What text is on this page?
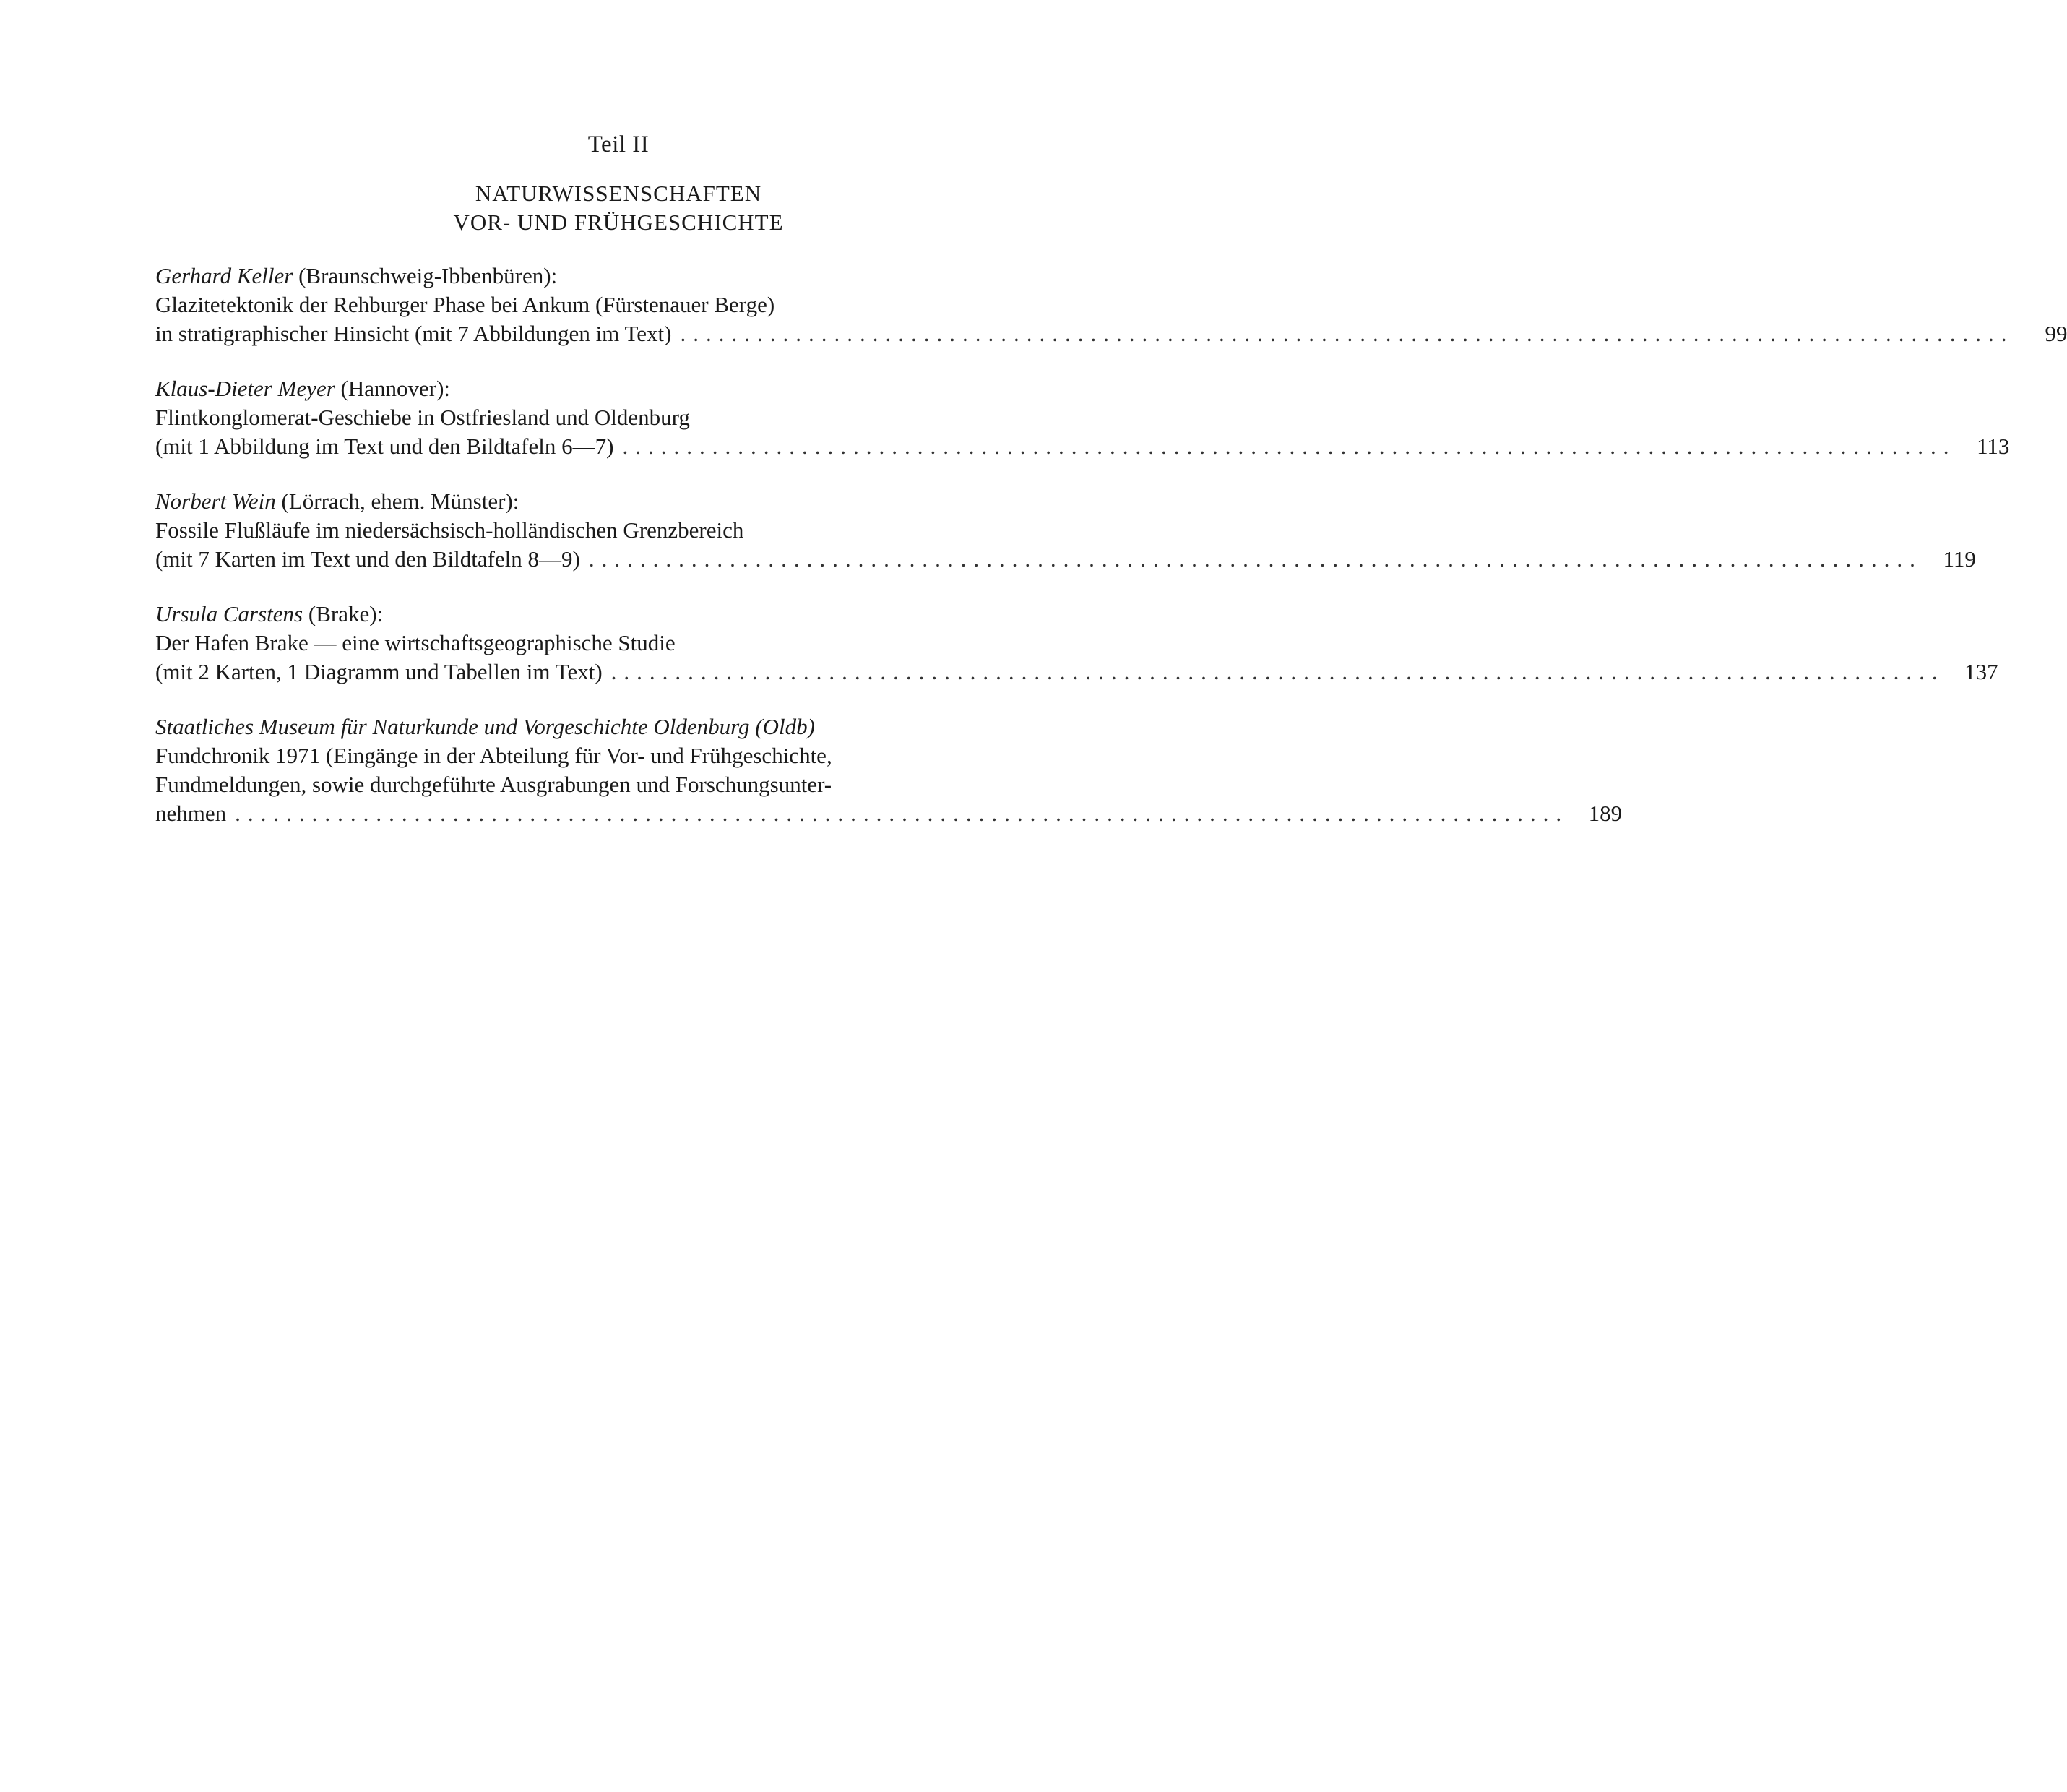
Teil II
NATURWISSENSCHAFTEN
VOR- UND FRÜHGESCHICHTE
Gerhard Keller (Braunschweig-Ibbenbüren):
Glazitetektonik der Rehburger Phase bei Ankum (Fürstenauer Berge)
in stratigraphischer Hinsicht (mit 7 Abbildungen im Text) ........................................................................................................	99
Klaus-Dieter Meyer (Hannover):
Flintkonglomerat-Geschiebe in Ostfriesland und Oldenburg
(mit 1 Abbildung im Text und den Bildtafeln 6—7) ........................................................................................................ 113
Norbert Wein (Lörrach, ehem. Münster):
Fossile Flußläufe im niedersächsisch-holländischen Grenzbereich
(mit 7 Karten im Text und den Bildtafeln 8—9) ........................................................................................................ 119
Ursula Carstens (Brake):
Der Hafen Brake — eine wirtschaftsgeographische Studie
(mit 2 Karten, 1 Diagramm und Tabellen im Text) ........................................................................................................ 137
Staatliches Museum für Naturkunde und Vorgeschichte Oldenburg (Oldb)
Fundchronik 1971 (Eingänge in der Abteilung für Vor- und Frühgeschichte,
Fundmeldungen, sowie durchgeführte Ausgrabungen und Forschungsunter-
nehmen ........................................................................................................ 189
